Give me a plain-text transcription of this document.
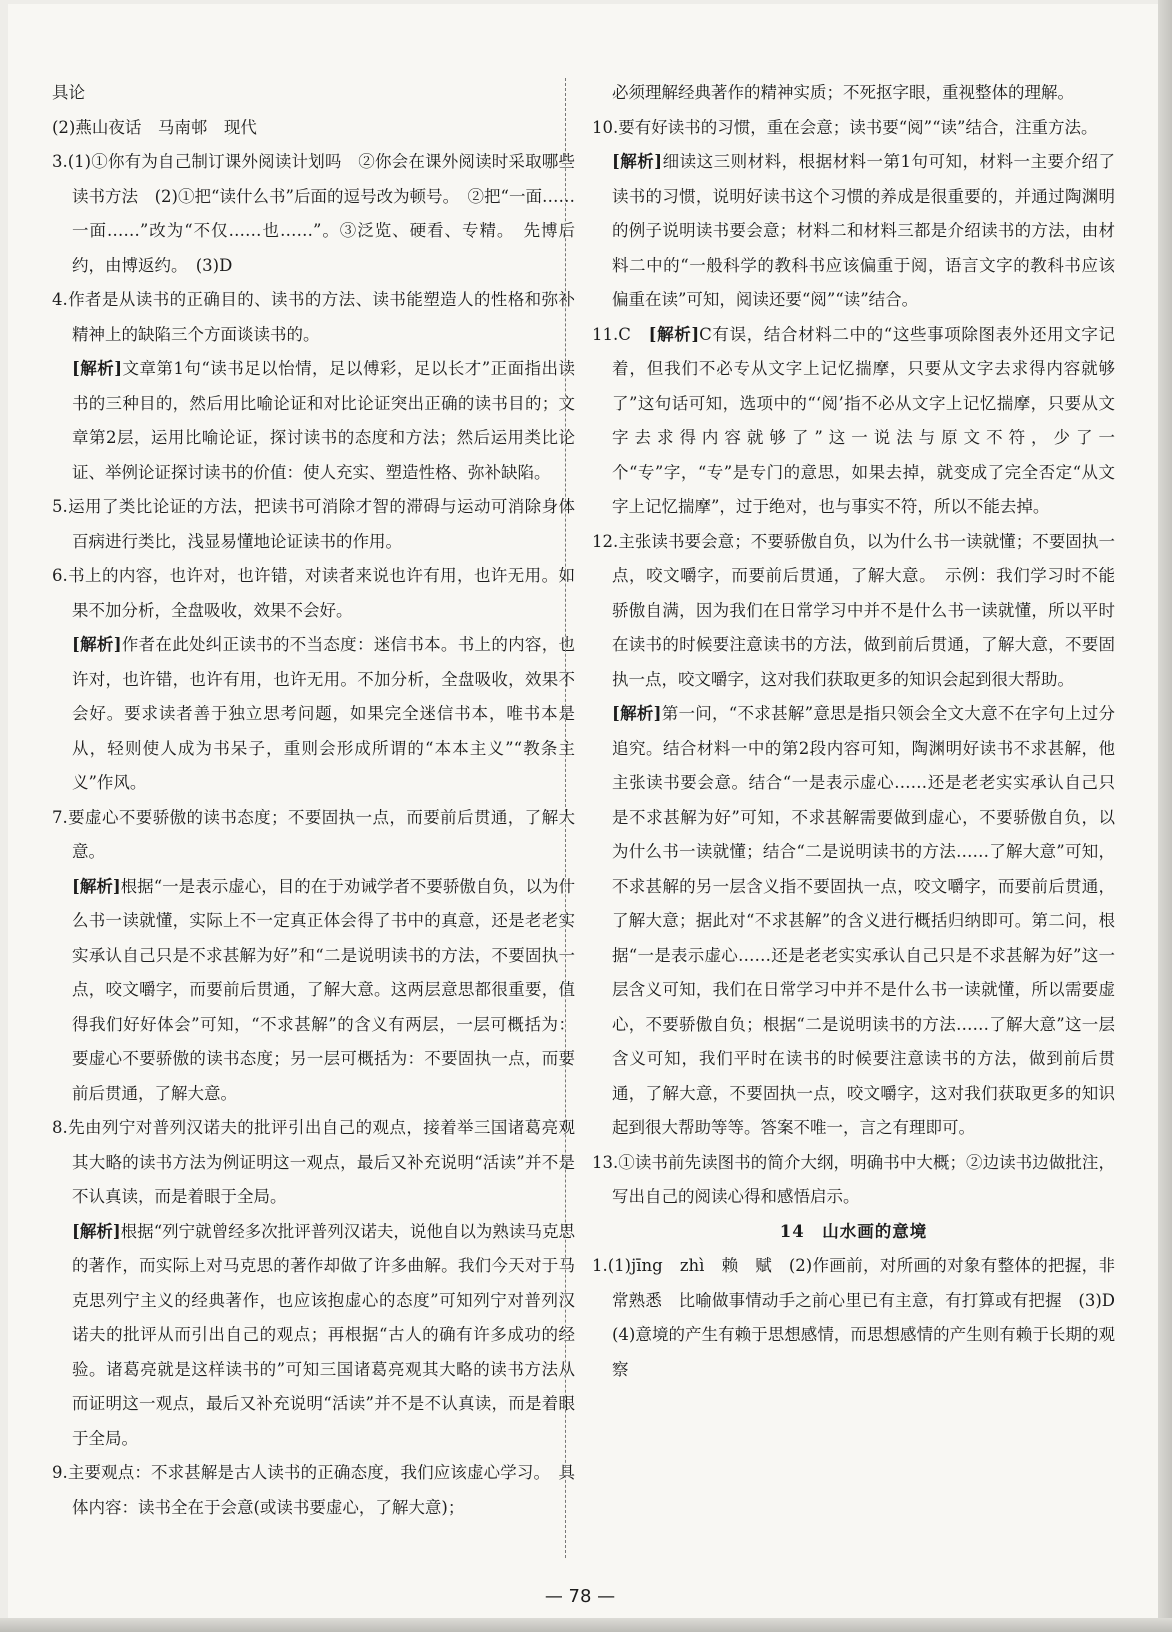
具论

(2)燕山夜话　马南邨　现代

3.(1)①你有为自己制订课外阅读计划吗　②你会在课外阅读时采取哪些读书方法　(2)①把“读什么书”后面的逗号改为顿号。　②把“一面……一面……”改为“不仅……也……”。③泛览、硬看、专精。　先博后约，由博返约。　(3)D

4.作者是从读书的正确目的、读书的方法、读书能塑造人的性格和弥补精神上的缺陷三个方面谈读书的。

[解析]文章第1句“读书足以怡情，足以傅彩，足以长才”正面指出读书的三种目的，然后用比喻论证和对比论证突出正确的读书目的；文章第2层，运用比喻论证，探讨读书的态度和方法；然后运用类比论证、举例论证探讨读书的价值：使人充实、塑造性格、弥补缺陷。

5.运用了类比论证的方法，把读书可消除才智的滞碍与运动可消除身体百病进行类比，浅显易懂地论证读书的作用。

6.书上的内容，也许对，也许错，对读者来说也许有用，也许无用。如果不加分析，全盘吸收，效果不会好。

[解析]作者在此处纠正读书的不当态度：迷信书本。书上的内容，也许对，也许错，也许有用，也许无用。不加分析，全盘吸收，效果不会好。要求读者善于独立思考问题，如果完全迷信书本，唯书本是从，轻则使人成为书呆子，重则会形成所谓的“本本主义”“教条主义”作风。

7.要虚心不要骄傲的读书态度；不要固执一点，而要前后贯通，了解大意。

[解析]根据“一是表示虚心，目的在于劝诫学者不要骄傲自负，以为什么书一读就懂，实际上不一定真正体会得了书中的真意，还是老老实实承认自己只是不求甚解为好”和“二是说明读书的方法，不要固执一点，咬文嚼字，而要前后贯通，了解大意。这两层意思都很重要，值得我们好好体会”可知，“不求甚解”的含义有两层，一层可概括为：要虚心不要骄傲的读书态度；另一层可概括为：不要固执一点，而要前后贯通，了解大意。

8.先由列宁对普列汉诺夫的批评引出自己的观点，接着举三国诸葛亮观其大略的读书方法为例证明这一观点，最后又补充说明“活读”并不是不认真读，而是着眼于全局。

[解析]根据“列宁就曾经多次批评普列汉诺夫，说他自以为熟读马克思的著作，而实际上对马克思的著作却做了许多曲解。我们今天对于马克思列宁主义的经典著作，也应该抱虚心的态度”可知列宁对普列汉诺夫的批评从而引出自己的观点；再根据“古人的确有许多成功的经验。诸葛亮就是这样读书的”可知三国诸葛亮观其大略的读书方法从而证明这一观点，最后又补充说明“活读”并不是不认真读，而是着眼于全局。

9.主要观点：不求甚解是古人读书的正确态度，我们应该虚心学习。　具体内容：读书全在于会意(或读书要虚心，了解大意)；

必须理解经典著作的精神实质；不死抠字眼，重视整体的理解。

10.要有好读书的习惯，重在会意；读书要“阅”“读”结合，注重方法。

[解析]细读这三则材料，根据材料一第1句可知，材料一主要介绍了读书的习惯，说明好读书这个习惯的养成是很重要的，并通过陶渊明的例子说明读书要会意；材料二和材料三都是介绍读书的方法，由材料二中的“一般科学的教科书应该偏重于阅，语言文字的教科书应该偏重在读”可知，阅读还要“阅”“读”结合。

11.C　[解析]C有误，结合材料二中的“这些事项除图表外还用文字记着，但我们不必专从文字上记忆揣摩，只要从文字去求得内容就够了”这句话可知，选项中的“‘阅’指不必从文字上记忆揣摩，只要从文字去求得内容就够了”这一说法与原文不符，少了一个“专”字，“专”是专门的意思，如果去掉，就变成了完全否定“从文字上记忆揣摩”，过于绝对，也与事实不符，所以不能去掉。

12.主张读书要会意；不要骄傲自负，以为什么书一读就懂；不要固执一点，咬文嚼字，而要前后贯通，了解大意。　示例：我们学习时不能骄傲自满，因为我们在日常学习中并不是什么书一读就懂，所以平时在读书的时候要注意读书的方法，做到前后贯通，了解大意，不要固执一点，咬文嚼字，这对我们获取更多的知识会起到很大帮助。

[解析]第一问，“不求甚解”意思是指只领会全文大意不在字句上过分追究。结合材料一中的第2段内容可知，陶渊明好读书不求甚解，他主张读书要会意。结合“一是表示虚心……还是老老实实承认自己只是不求甚解为好”可知，不求甚解需要做到虚心，不要骄傲自负，以为什么书一读就懂；结合“二是说明读书的方法……了解大意”可知，不求甚解的另一层含义指不要固执一点，咬文嚼字，而要前后贯通，了解大意；据此对“不求甚解”的含义进行概括归纳即可。第二问，根据“一是表示虚心……还是老老实实承认自己只是不求甚解为好”这一层含义可知，我们在日常学习中并不是什么书一读就懂，所以需要虚心，不要骄傲自负；根据“二是说明读书的方法……了解大意”这一层含义可知，我们平时在读书的时候要注意读书的方法，做到前后贯通，了解大意，不要固执一点，咬文嚼字，这对我们获取更多的知识起到很大帮助等等。答案不唯一，言之有理即可。

13.①读书前先读图书的简介大纲，明确书中大概；②边读书边做批注，写出自己的阅读心得和感悟启示。

14　山水画的意境

1.(1)jīng　zhì　赖　赋　(2)作画前，对所画的对象有整体的把握，非常熟悉　比喻做事情动手之前心里已有主意，有打算或有把握　(3)D　(4)意境的产生有赖于思想感情，而思想感情的产生则有赖于长期的观察

— 78 —
